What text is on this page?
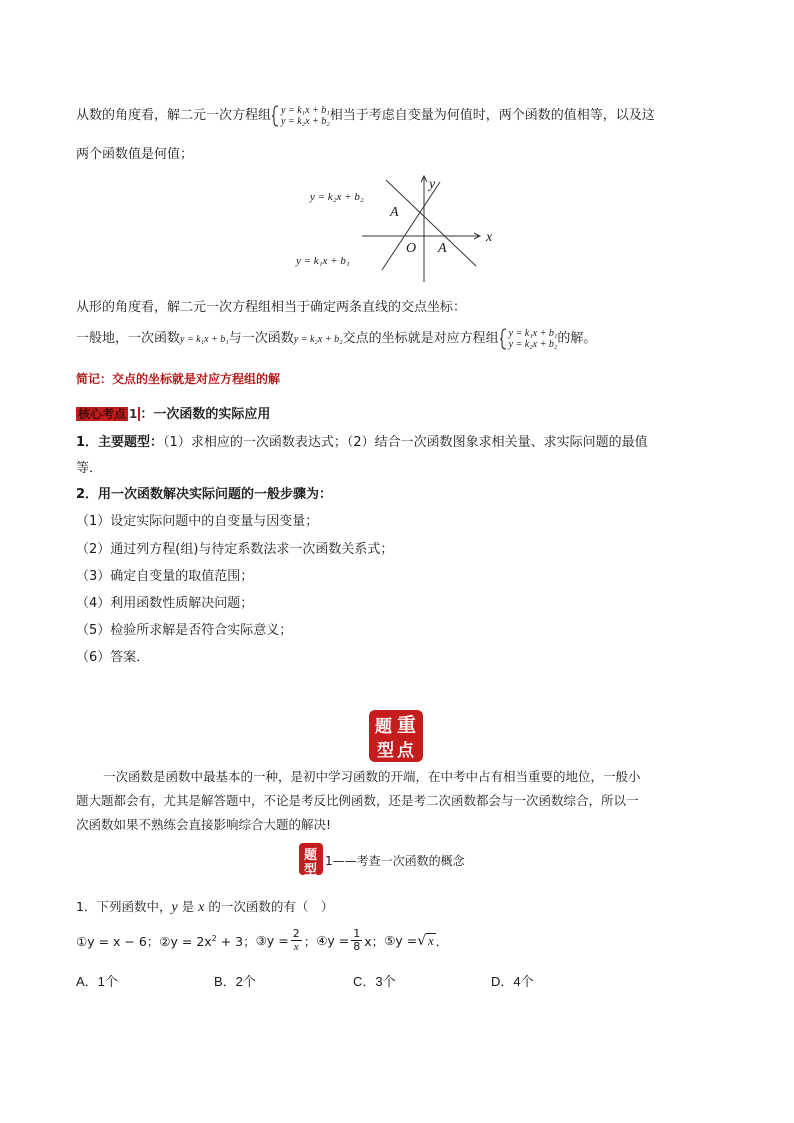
从数的角度看，解二元一次方程组 y = k₁x + b₁
y = k₂x + b₂相当于考虑自变量为何值时，两个函数的值相等，以及这
两个函数值是何值；
y = k₂x + b₂
y = k₁x + b₁
x
y
O
A
A
从形的角度看，解二元一次方程组相当于确定两条直线的交点坐标：
一般地，一次函数y = k₁x + b₁与一次函数y = k₂x + b₂交点的坐标就是对应方程组 y = k₁x + b₁
y = k₂x + b₂的解。
简记：交点的坐标就是对应方程组的解
核心考点 1 ：一次函数的实际应用
1．主要题型：（1）求相应的一次函数表达式；（2）结合一次函数图象求相关量、求实际问题的最值
等．
2．用一次函数解决实际问题的一般步骤为：
（1）设定实际问题中的自变量与因变量；
（2）通过列方程(组)与待定系数法求一次函数关系式；
（3）确定自变量的取值范围；
（4）利用函数性质解决问题；
（5）检验所求解是否符合实际意义；
（6）答案．
题 重
型 点
一次函数是函数中最基本的一种，是初中学习函数的开端，在中考中占有相当重要的地位，一般小
题大题都会有，尤其是解答题中，不论是考反比例函数，还是考二次函数都会与一次函数综合，所以一
次函数如果不熟练会直接影响综合大题的解决!
题
型
1——考查一次函数的概念
1．下列函数中，y 是 x 的一次函数的有（　）
①y = x − 6； ②y = $2x^2 + 3$； ③y = $\frac{2}{x}$ ； ④y = $\frac{1}{8}$ x； ⑤y = √ x ．
A．1个	B．2个	C．3个	D．4个
